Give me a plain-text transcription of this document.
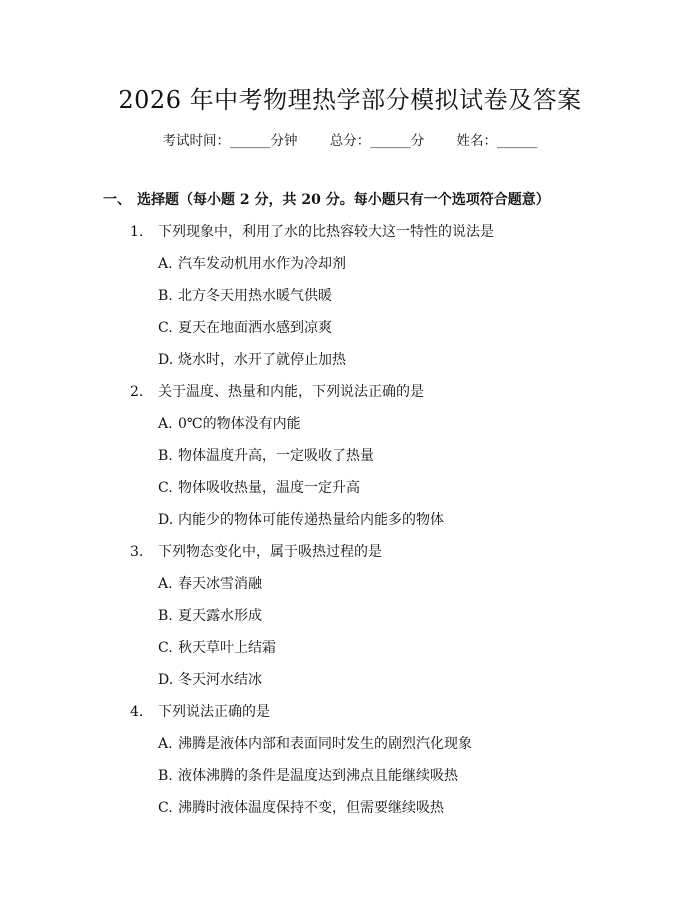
2026 年中考物理热学部分模拟试卷及答案
考试时间：______分钟 总分：______分 姓名：______
一、 选择题（每小题 2 分，共 20 分。每小题只有一个选项符合题意）
1. 下列现象中，利用了水的比热容较大这一特性的说法是
A. 汽车发动机用水作为冷却剂
B. 北方冬天用热水暖气供暖
C. 夏天在地面洒水感到凉爽
D. 烧水时，水开了就停止加热
2. 关于温度、热量和内能，下列说法正确的是
A. 0℃的物体没有内能
B. 物体温度升高，一定吸收了热量
C. 物体吸收热量，温度一定升高
D. 内能少的物体可能传递热量给内能多的物体
3. 下列物态变化中，属于吸热过程的是
A. 春天冰雪消融
B. 夏天露水形成
C. 秋天草叶上结霜
D. 冬天河水结冰
4. 下列说法正确的是
A. 沸腾是液体内部和表面同时发生的剧烈汽化现象
B. 液体沸腾的条件是温度达到沸点且能继续吸热
C. 沸腾时液体温度保持不变，但需要继续吸热
